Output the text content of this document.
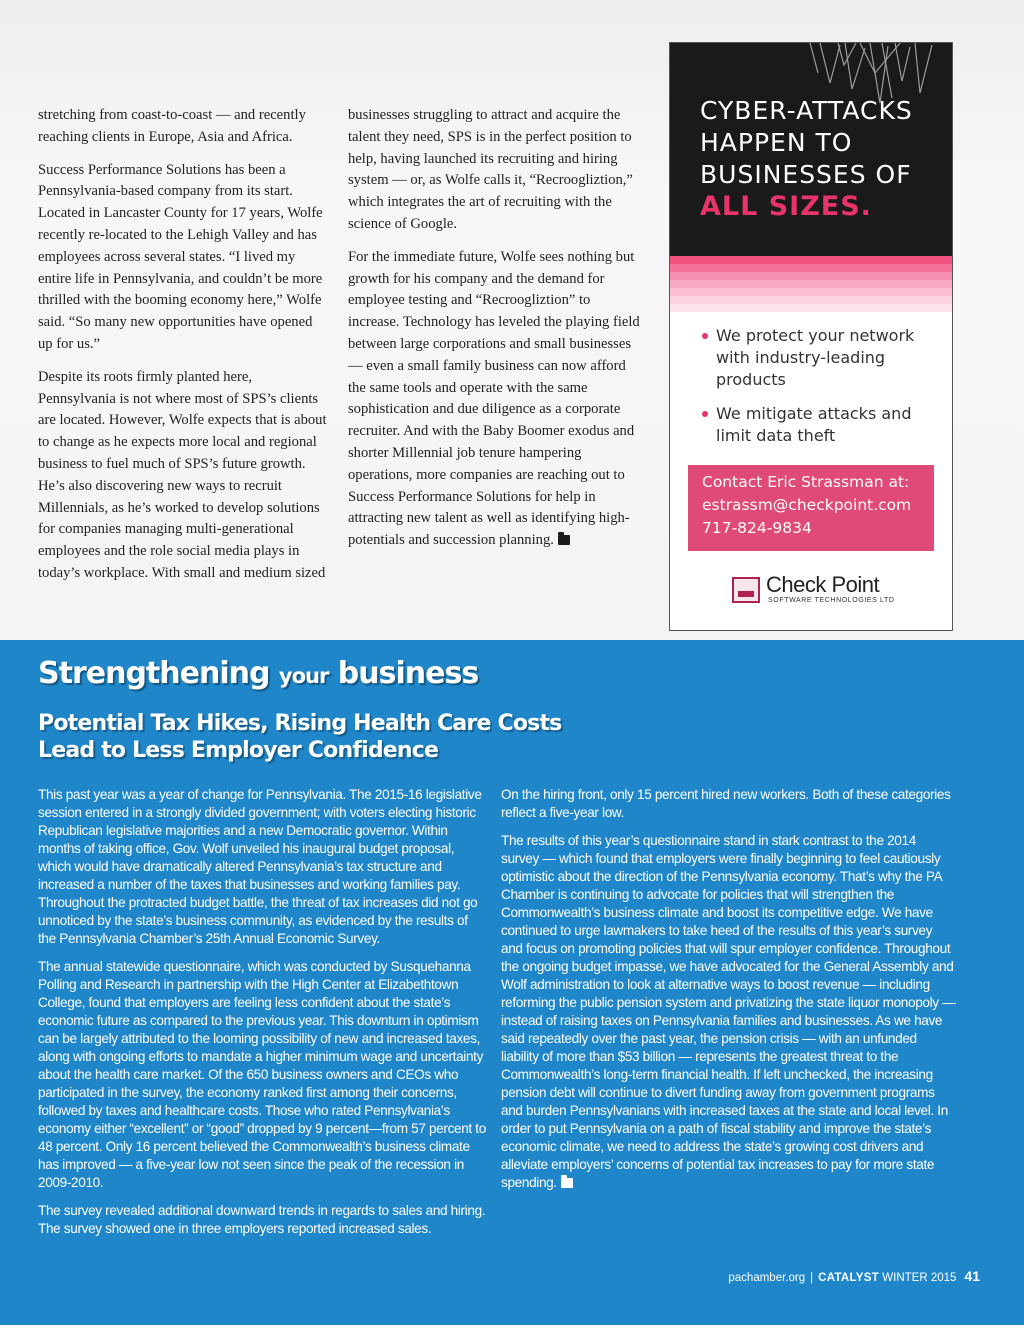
stretching from coast-to-coast — and recently reaching clients in Europe, Asia and Africa.

Success Performance Solutions has been a Pennsylvania-based company from its start. Located in Lancaster County for 17 years, Wolfe recently re-located to the Lehigh Valley and has employees across several states. “I lived my entire life in Pennsylvania, and couldn’t be more thrilled with the booming economy here,” Wolfe said. “So many new opportunities have opened up for us.”

Despite its roots firmly planted here, Pennsylvania is not where most of SPS’s clients are located. However, Wolfe expects that is about to change as he expects more local and regional business to fuel much of SPS’s future growth. He’s also discovering new ways to recruit Millennials, as he’s worked to develop solutions for companies managing multi-generational employees and the role social media plays in today’s workplace. With small and medium sized

businesses struggling to attract and acquire the talent they need, SPS is in the perfect position to help, having launched its recruiting and hiring system — or, as Wolfe calls it, “Recroogliztion,” which integrates the art of recruiting with the science of Google.

For the immediate future, Wolfe sees nothing but growth for his company and the demand for employee testing and “Recroogliztion” to increase. Technology has leveled the playing field between large corporations and small businesses — even a small family business can now afford the same tools and operate with the same sophistication and due diligence as a corporate recruiter. And with the Baby Boomer exodus and shorter Millennial job tenure hampering operations, more companies are reaching out to Success Performance Solutions for help in attracting new talent as well as identifying high-potentials and succession planning.

CYBER-ATTACKS
HAPPEN TO
BUSINESSES OF
ALL SIZES.
We protect your network with industry-leading products
We mitigate attacks and limit data theft
Contact Eric Strassman at:
estrassm@checkpoint.com
717-824-9834
Check Point
SOFTWARE TECHNOLOGIES LTD
Strengthening your business
Potential Tax Hikes, Rising Health Care Costs
Lead to Less Employer Confidence

This past year was a year of change for Pennsylvania. The 2015-16 legislative session entered in a strongly divided government; with voters electing historic Republican legislative majorities and a new Democratic governor. Within months of taking office, Gov. Wolf unveiled his inaugural budget proposal, which would have dramatically altered Pennsylvania’s tax structure and increased a number of the taxes that businesses and working families pay. Throughout the protracted budget battle, the threat of tax increases did not go unnoticed by the state’s business community, as evidenced by the results of the Pennsylvania Chamber’s 25th Annual Economic Survey.

The annual statewide questionnaire, which was conducted by Susquehanna Polling and Research in partnership with the High Center at Elizabethtown College, found that employers are feeling less confident about the state’s economic future as compared to the previous year. This downturn in optimism can be largely attributed to the looming possibility of new and increased taxes, along with ongoing efforts to mandate a higher minimum wage and uncertainty about the health care market. Of the 650 business owners and CEOs who participated in the survey, the economy ranked first among their concerns, followed by taxes and healthcare costs. Those who rated Pennsylvania’s economy either “excellent” or “good” dropped by 9 percent—from 57 percent to 48 percent. Only 16 percent believed the Commonwealth’s business climate has improved — a five-year low not seen since the peak of the recession in 2009-2010.

The survey revealed additional downward trends in regards to sales and hiring. The survey showed one in three employers reported increased sales.

On the hiring front, only 15 percent hired new workers. Both of these categories reflect a five-year low.

The results of this year’s questionnaire stand in stark contrast to the 2014 survey — which found that employers were finally beginning to feel cautiously optimistic about the direction of the Pennsylvania economy. That’s why the PA Chamber is continuing to advocate for policies that will strengthen the Commonwealth’s business climate and boost its competitive edge. We have continued to urge lawmakers to take heed of the results of this year’s survey and focus on promoting policies that will spur employer confidence. Throughout the ongoing budget impasse, we have advocated for the General Assembly and Wolf administration to look at alternative ways to boost revenue — including reforming the public pension system and privatizing the state liquor monopoly — instead of raising taxes on Pennsylvania families and businesses. As we have said repeatedly over the past year, the pension crisis — with an unfunded liability of more than $53 billion — represents the greatest threat to the Commonwealth’s long-term financial health. If left unchecked, the increasing pension debt will continue to divert funding away from government programs and burden Pennsylvanians with increased taxes at the state and local level. In order to put Pennsylvania on a path of fiscal stability and improve the state’s economic climate, we need to address the state’s growing cost drivers and alleviate employers’ concerns of potential tax increases to pay for more state spending.

pachamber.org | CATALYST WINTER 2015 41
